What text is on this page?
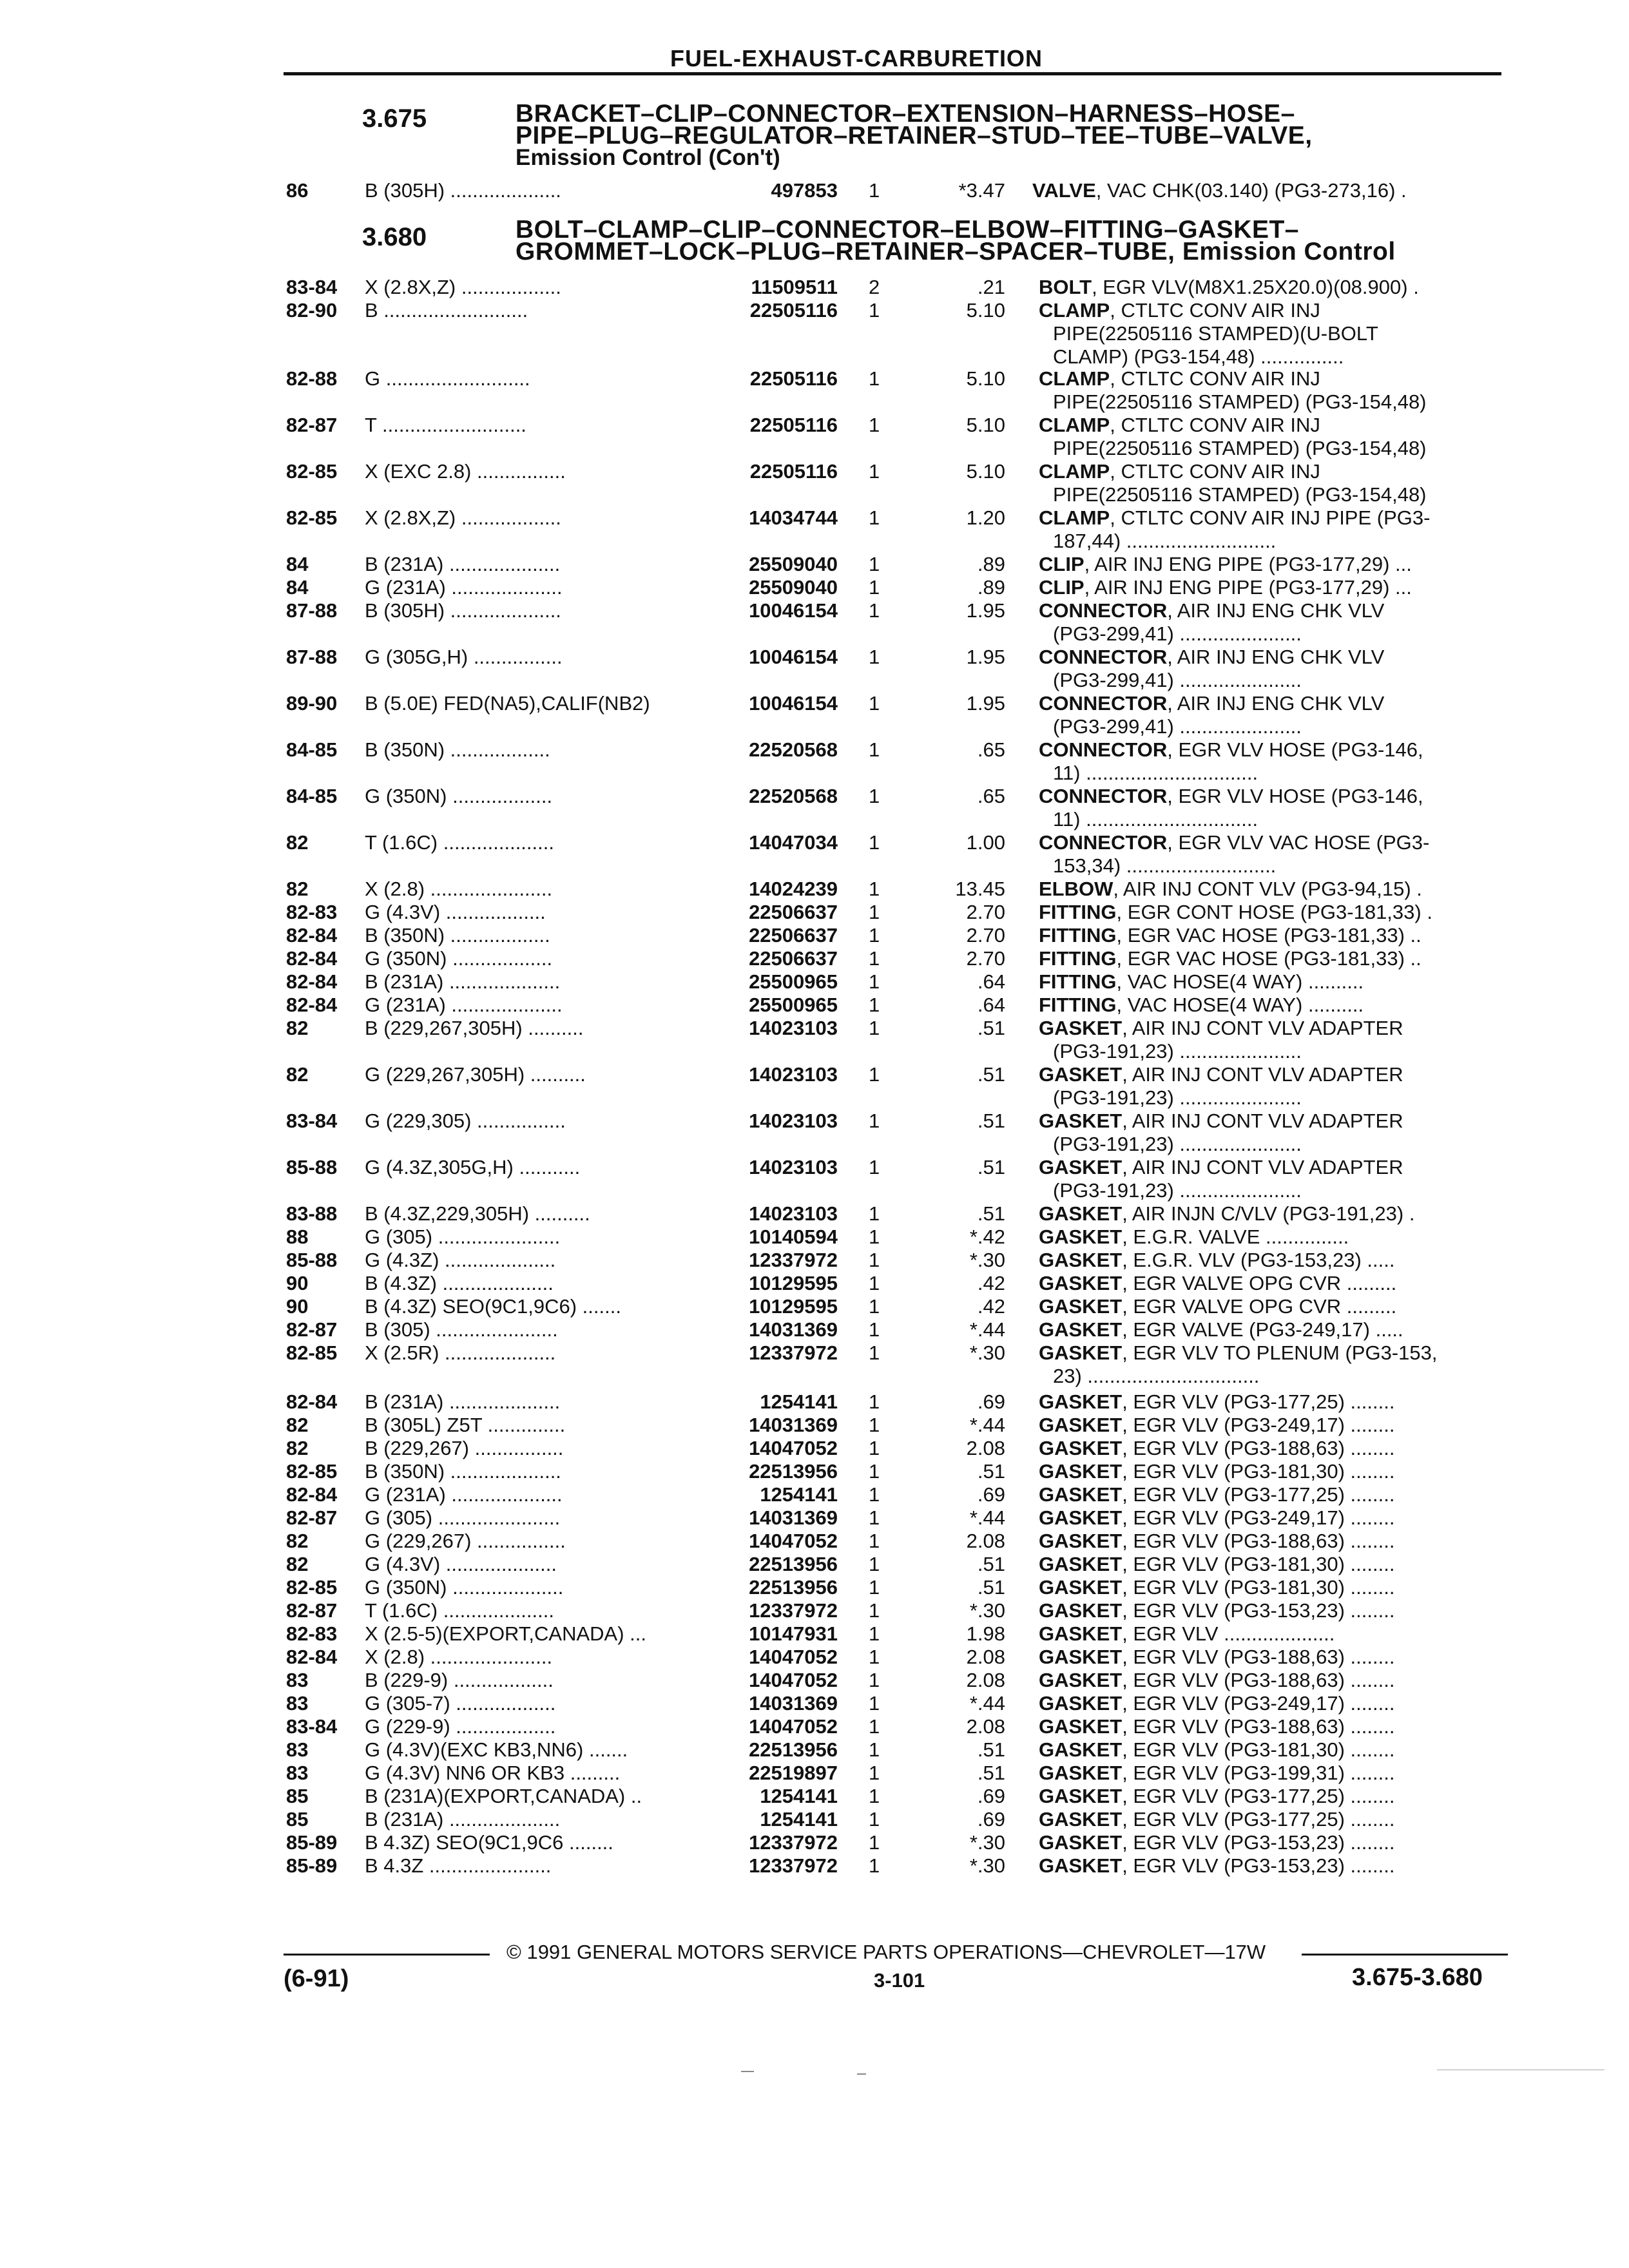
FUEL-EXHAUST-CARBURETION
3.675	BRACKET–CLIP–CONNECTOR–EXTENSION–HARNESS–HOSE–
PIPE–PLUG–REGULATOR–RETAINER–STUD–TEE–TUBE–VALVE,
Emission Control (Con't)
86	B (305H) ....................	497853 1	*3.47 VALVE, VAC CHK(03.140) (PG3-273,16) .
3.680	BOLT–CLAMP–CLIP–CONNECTOR–ELBOW–FITTING–GASKET–
GROMMET–LOCK–PLUG–RETAINER–SPACER–TUBE, Emission Control
83-84 X (2.8X,Z) ..................	11509511 2	.21 BOLT, EGR VLV(M8X1.25X20.0)(08.900) .
82-90 B ..........................	22505116 1	5.10 CLAMP, CTLTC CONV AIR INJ
PIPE(22505116 STAMPED)(U-BOLT
CLAMP) (PG3-154,48) ...............
82-88 G ..........................	22505116 1	5.10 CLAMP, CTLTC CONV AIR INJ
PIPE(22505116 STAMPED) (PG3-154,48)
82-87 T ..........................	22505116 1	5.10 CLAMP, CTLTC CONV AIR INJ
PIPE(22505116 STAMPED) (PG3-154,48)
82-85 X (EXC 2.8) ................	22505116 1	5.10 CLAMP, CTLTC CONV AIR INJ
PIPE(22505116 STAMPED) (PG3-154,48)
82-85 X (2.8X,Z) ..................	14034744 1	1.20 CLAMP, CTLTC CONV AIR INJ PIPE (PG3-
187,44) ...........................
84	B (231A) ....................	25509040 1	.89 CLIP, AIR INJ ENG PIPE (PG3-177,29) ...
84	G (231A) ....................	25509040 1	.89 CLIP, AIR INJ ENG PIPE (PG3-177,29) ...
87-88 B (305H) ....................	10046154 1	1.95 CONNECTOR, AIR INJ ENG CHK VLV
(PG3-299,41) ......................
87-88 G (305G,H) ................	10046154 1	1.95 CONNECTOR, AIR INJ ENG CHK VLV
(PG3-299,41) ......................
89-90 B (5.0E) FED(NA5),CALIF(NB2)	10046154 1	1.95 CONNECTOR, AIR INJ ENG CHK VLV
(PG3-299,41) ......................
84-85 B (350N) ..................	22520568 1	.65 CONNECTOR, EGR VLV HOSE (PG3-146,
11) ...............................
84-85 G (350N) ..................	22520568 1	.65 CONNECTOR, EGR VLV HOSE (PG3-146,
11) ...............................
82	T (1.6C) ....................	14047034 1	1.00 CONNECTOR, EGR VLV VAC HOSE (PG3-
153,34) ...........................
82	X (2.8) ......................	14024239 1	13.45 ELBOW, AIR INJ CONT VLV (PG3-94,15) .
82-83 G (4.3V) ..................	22506637 1	2.70 FITTING, EGR CONT HOSE (PG3-181,33) .
82-84 B (350N) ..................	22506637 1	2.70 FITTING, EGR VAC HOSE (PG3-181,33) ..
82-84 G (350N) ..................	22506637 1	2.70 FITTING, EGR VAC HOSE (PG3-181,33) ..
82-84 B (231A) ....................	25500965 1	.64 FITTING, VAC HOSE(4 WAY) ..........
82-84 G (231A) ....................	25500965 1	.64 FITTING, VAC HOSE(4 WAY) ..........
82	B (229,267,305H) ..........	14023103 1	.51 GASKET, AIR INJ CONT VLV ADAPTER
(PG3-191,23) ......................
82	G (229,267,305H) ..........	14023103 1	.51 GASKET, AIR INJ CONT VLV ADAPTER
(PG3-191,23) ......................
83-84 G (229,305) ................	14023103 1	.51 GASKET, AIR INJ CONT VLV ADAPTER
(PG3-191,23) ......................
85-88 G (4.3Z,305G,H) ...........	14023103 1	.51 GASKET, AIR INJ CONT VLV ADAPTER
(PG3-191,23) ......................
83-88 B (4.3Z,229,305H) ..........	14023103 1	.51 GASKET, AIR INJN C/VLV (PG3-191,23) .
88	G (305) ......................	10140594 1	*.42 GASKET, E.G.R. VALVE ...............
85-88 G (4.3Z) ....................	12337972 1	*.30 GASKET, E.G.R. VLV (PG3-153,23) .....
90	B (4.3Z) ....................	10129595 1	.42 GASKET, EGR VALVE OPG CVR .........
90	B (4.3Z) SEO(9C1,9C6) .......	10129595 1	.42 GASKET, EGR VALVE OPG CVR .........
82-87 B (305) ......................	14031369 1	*.44 GASKET, EGR VALVE (PG3-249,17) .....
82-85 X (2.5R) ....................	12337972 1	*.30 GASKET, EGR VLV TO PLENUM (PG3-153,
23) ...............................
82-84 B (231A) ....................	1254141 1	.69 GASKET, EGR VLV (PG3-177,25) ........
82	B (305L) Z5T ..............	14031369 1	*.44 GASKET, EGR VLV (PG3-249,17) ........
82	B (229,267) ................	14047052 1	2.08 GASKET, EGR VLV (PG3-188,63) ........
82-85 B (350N) ....................	22513956 1	.51 GASKET, EGR VLV (PG3-181,30) ........
82-84 G (231A) ....................	1254141 1	.69 GASKET, EGR VLV (PG3-177,25) ........
82-87 G (305) ......................	14031369 1	*.44 GASKET, EGR VLV (PG3-249,17) ........
82	G (229,267) ................	14047052 1	2.08 GASKET, EGR VLV (PG3-188,63) ........
82	G (4.3V) ....................	22513956 1	.51 GASKET, EGR VLV (PG3-181,30) ........
82-85 G (350N) ....................	22513956 1	.51 GASKET, EGR VLV (PG3-181,30) ........
82-87 T (1.6C) ....................	12337972 1	*.30 GASKET, EGR VLV (PG3-153,23) ........
82-83 X (2.5-5)(EXPORT,CANADA) ...	10147931 1	1.98 GASKET, EGR VLV ....................
82-84 X (2.8) ......................	14047052 1	2.08 GASKET, EGR VLV (PG3-188,63) ........
83	B (229-9) ..................	14047052 1	2.08 GASKET, EGR VLV (PG3-188,63) ........
83	G (305-7) ..................	14031369 1	*.44 GASKET, EGR VLV (PG3-249,17) ........
83-84 G (229-9) ..................	14047052 1	2.08 GASKET, EGR VLV (PG3-188,63) ........
83	G (4.3V)(EXC KB3,NN6) .......	22513956 1	.51 GASKET, EGR VLV (PG3-181,30) ........
83	G (4.3V) NN6 OR KB3 .........	22519897 1	.51 GASKET, EGR VLV (PG3-199,31) ........
85	B (231A)(EXPORT,CANADA) ..	1254141 1	.69 GASKET, EGR VLV (PG3-177,25) ........
85	B (231A) ....................	1254141 1	.69 GASKET, EGR VLV (PG3-177,25) ........
85-89 B 4.3Z) SEO(9C1,9C6 ........	12337972 1	*.30 GASKET, EGR VLV (PG3-153,23) ........
85-89 B 4.3Z ......................	12337972 1	*.30 GASKET, EGR VLV (PG3-153,23) ........
© 1991 GENERAL MOTORS SERVICE PARTS OPERATIONS—CHEVROLET—17W
(6-91)	3-101	3.675-3.680
